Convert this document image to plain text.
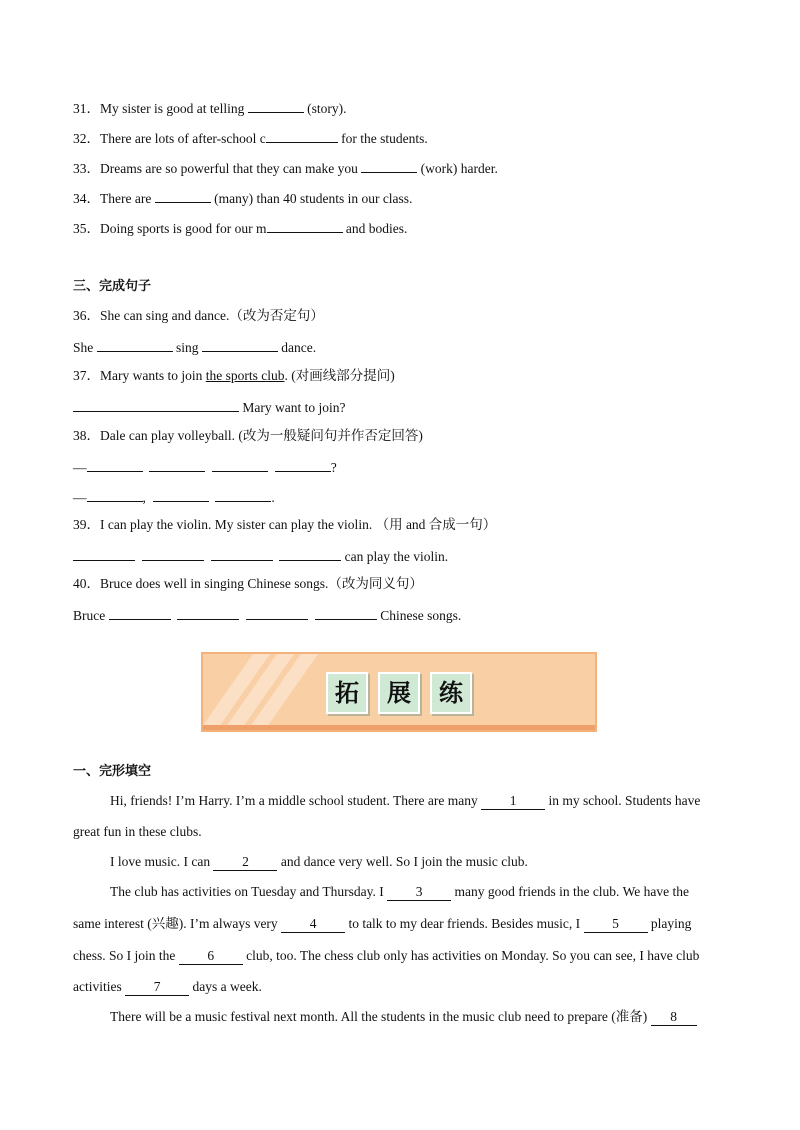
31．My sister is good at telling	(story).
32．There are lots of after-school c	for the students.
33．Dreams are so powerful that they can make you	(work) harder.
34．There are	(many) than 40 students in our class.
35．Doing sports is good for our m	and bodies.
三、完成句子
36．She can sing and dance.（改为否定句）
She	sing	dance.
37．Mary wants to join the sports club. (对画线部分提问)
Mary want to join?
38．Dale can play volleyball. (改为一般疑问句并作否定回答)
—	?
—	,	.
39．I can play the violin. My sister can play the violin. （用 and 合成一句）
can play the violin.
40．Bruce does well in singing Chinese songs.（改为同义句）
Bruce	Chinese songs.
拓 展 练
一、完形填空
Hi, friends! I’m Harry. I’m a middle school student. There are many 1 in my school. Students have
great fun in these clubs.
I love music. I can 2 and dance very well. So I join the music club.
The club has activities on Tuesday and Thursday. I 3 many good friends in the club. We have the
same interest (兴趣). I’m always very 4 to talk to my dear friends. Besides music, I 5 playing
chess. So I join the 6 club, too. The chess club only has activities on Monday. So you can see, I have club
activities 7 days a week.
There will be a music festival next month. All the students in the music club need to prepare (准备) 8
